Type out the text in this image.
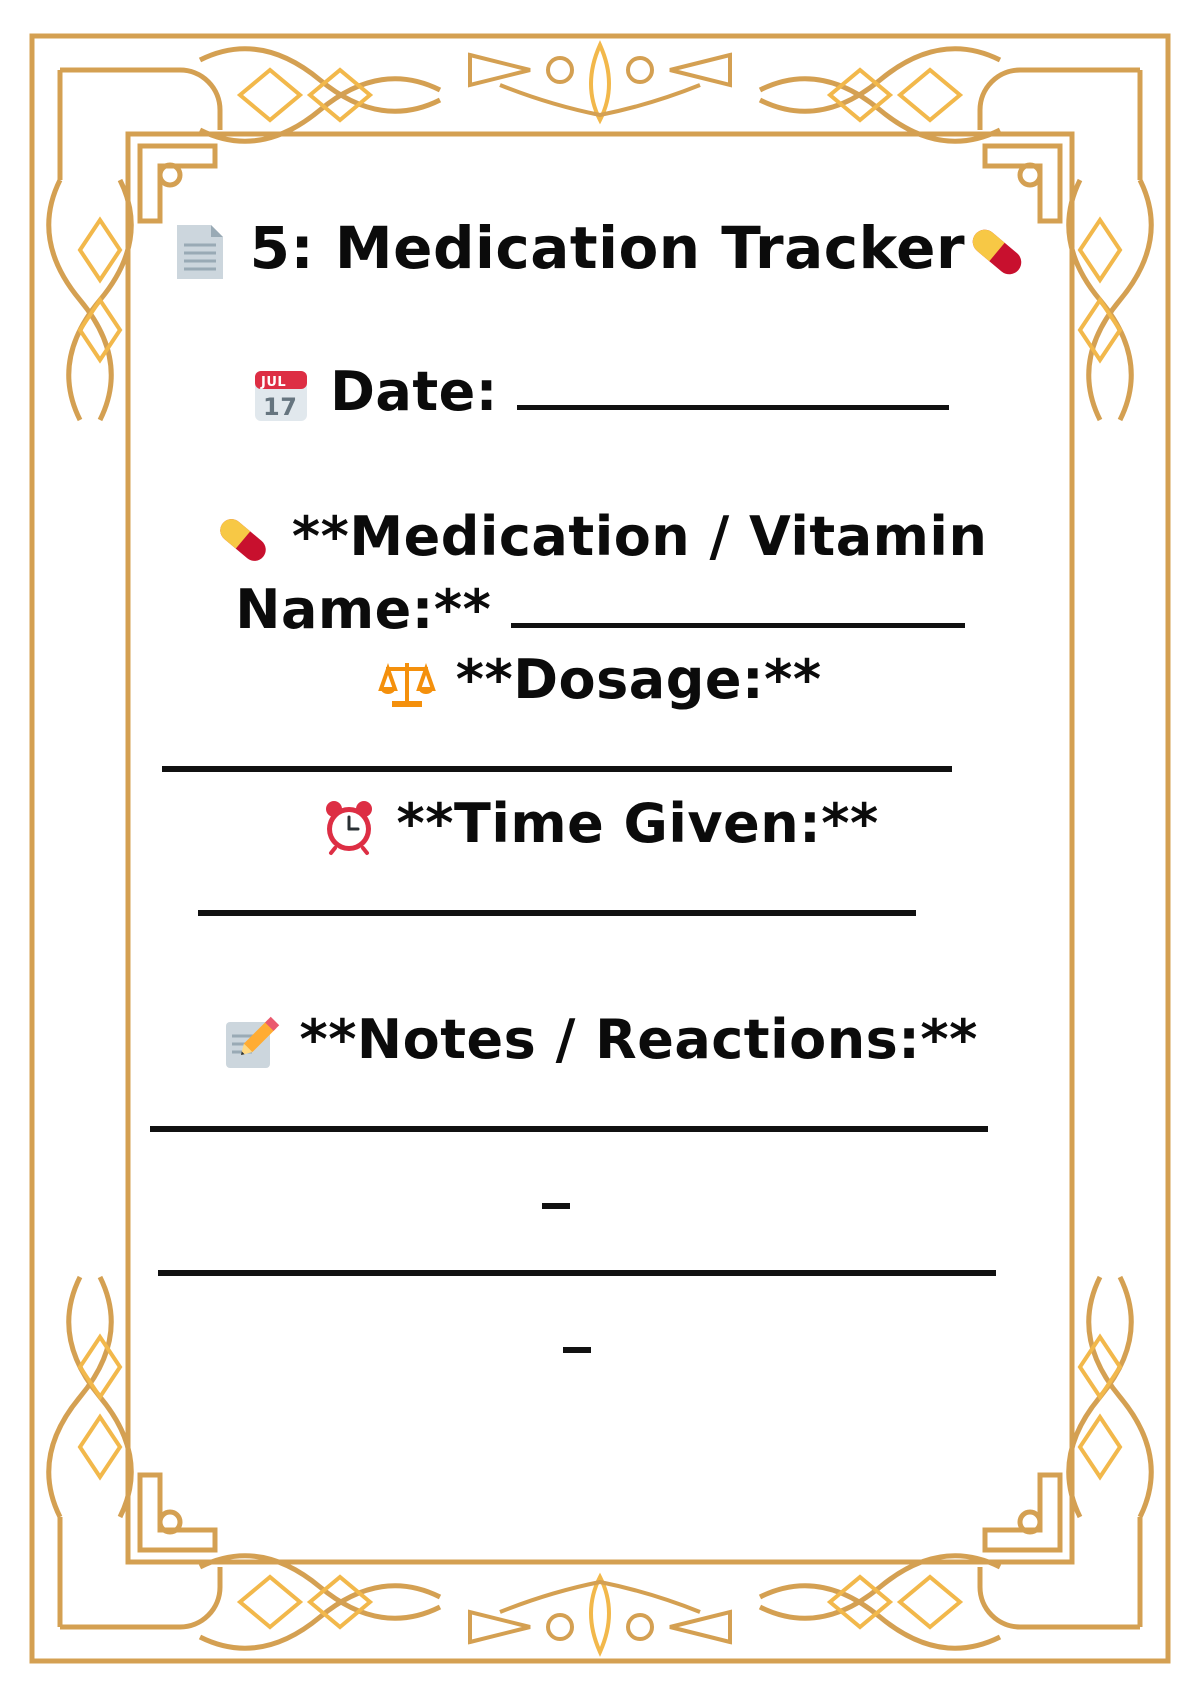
5: Medication Tracker
JUL
17 Date:
**Medication / Vitamin
Name:**
**Dosage:**
**Time Given:**
**Notes / Reactions:**
